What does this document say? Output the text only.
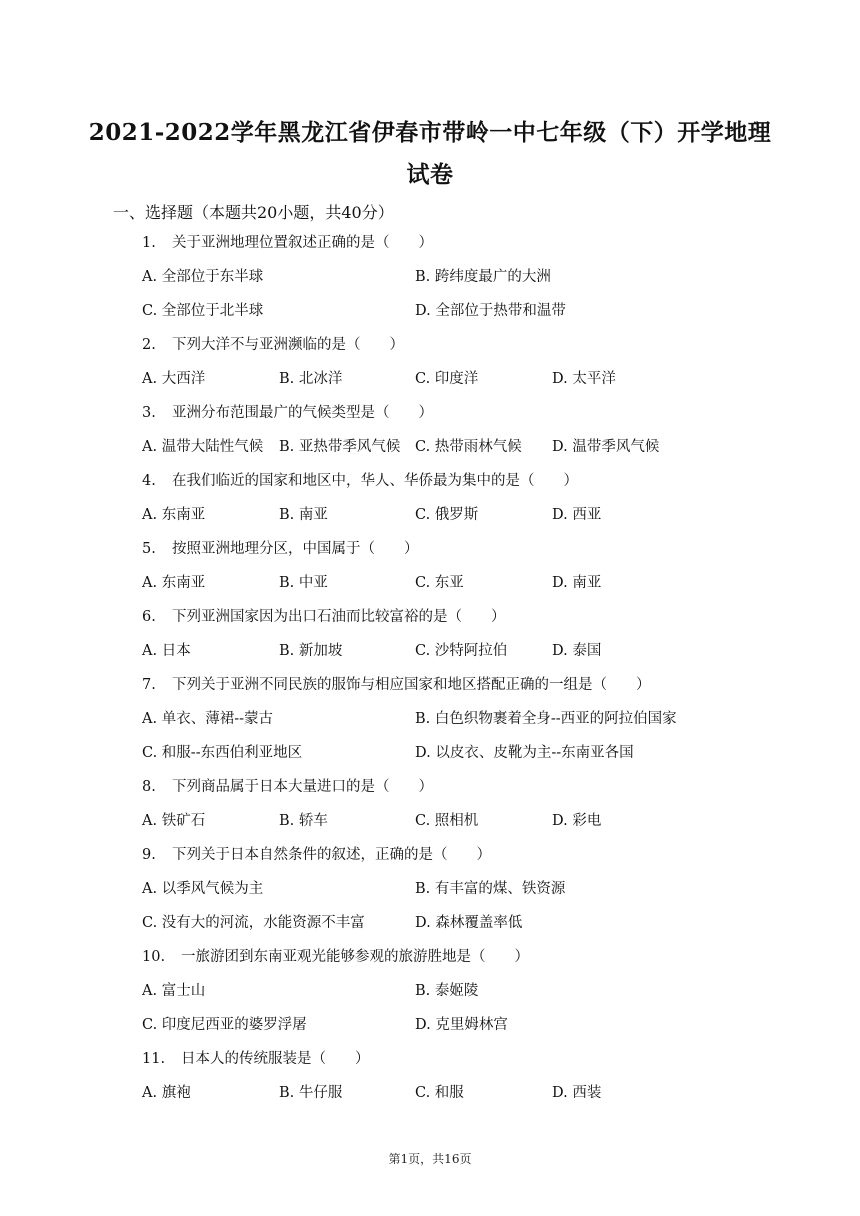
2021-2022学年黑龙江省伊春市带岭一中七年级（下）开学地理
试卷
一、选择题（本题共20小题，共40分）
1. 关于亚洲地理位置叙述正确的是（　　）
A. 全部位于东半球	B. 跨纬度最广的大洲
C. 全部位于北半球	D. 全部位于热带和温带
2. 下列大洋不与亚洲濒临的是（　　）
A. 大西洋	B. 北冰洋	C. 印度洋	D. 太平洋
3. 亚洲分布范围最广的气候类型是（　　）
A. 温带大陆性气候 B. 亚热带季风气候 C. 热带雨林气候 D. 温带季风气候
4. 在我们临近的国家和地区中，华人、华侨最为集中的是（　　）
A. 东南亚	B. 南亚	C. 俄罗斯	D. 西亚
5. 按照亚洲地理分区，中国属于（　　）
A. 东南亚	B. 中亚	C. 东亚	D. 南亚
6. 下列亚洲国家因为出口石油而比较富裕的是（　　）
A. 日本	B. 新加坡	C. 沙特阿拉伯	D. 泰国
7. 下列关于亚洲不同民族的服饰与相应国家和地区搭配正确的一组是（　　）
A. 单衣、薄裙--蒙古	B. 白色织物裹着全身--西亚的阿拉伯国家
C. 和服--东西伯利亚地区	D. 以皮衣、皮靴为主--东南亚各国
8. 下列商品属于日本大量进口的是（　　）
A. 铁矿石	B. 轿车	C. 照相机	D. 彩电
9. 下列关于日本自然条件的叙述，正确的是（　　）
A. 以季风气候为主	B. 有丰富的煤、铁资源
C. 没有大的河流，水能资源不丰富	D. 森林覆盖率低
10. 一旅游团到东南亚观光能够参观的旅游胜地是（　　）
A. 富士山	B. 泰姬陵
C. 印度尼西亚的婆罗浮屠	D. 克里姆林宫
11. 日本人的传统服装是（　　）
A. 旗袍	B. 牛仔服	C. 和服	D. 西装
第1页，共16页
